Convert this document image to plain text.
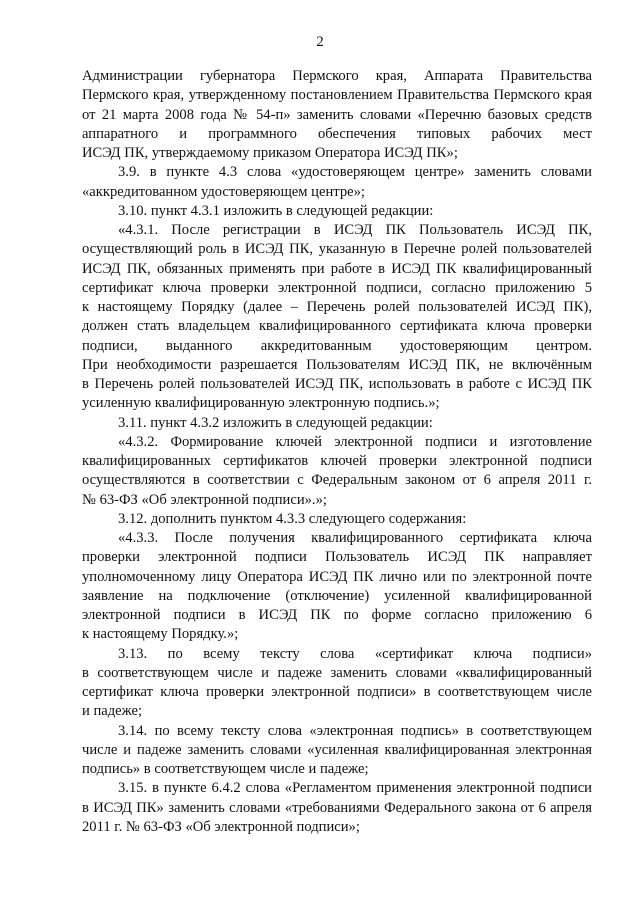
2
Администрации губернатора Пермского края, Аппарата Правительства
Пермского края, утвержденному постановлением Правительства Пермского края
от 21 марта 2008 года № 54-п» заменить словами «Перечню базовых средств
аппаратного и программного обеспечения типовых рабочих мест
ИСЭД ПК, утверждаемому приказом Оператора ИСЭД ПК»;
3.9. в пункте 4.3 слова «удостоверяющем центре» заменить словами
«аккредитованном удостоверяющем центре»;
3.10. пункт 4.3.1 изложить в следующей редакции:
«4.3.1. После регистрации в ИСЭД ПК Пользователь ИСЭД ПК,
осуществляющий роль в ИСЭД ПК, указанную в Перечне ролей пользователей
ИСЭД ПК, обязанных применять при работе в ИСЭД ПК квалифицированный
сертификат ключа проверки электронной подписи, согласно приложению 5
к настоящему Порядку (далее – Перечень ролей пользователей ИСЭД ПК),
должен стать владельцем квалифицированного сертификата ключа проверки
подписи, выданного аккредитованным удостоверяющим центром.
При необходимости разрешается Пользователям ИСЭД ПК, не включённым
в Перечень ролей пользователей ИСЭД ПК, использовать в работе с ИСЭД ПК
усиленную квалифицированную электронную подпись.»;
3.11. пункт 4.3.2 изложить в следующей редакции:
«4.3.2. Формирование ключей электронной подписи и изготовление
квалифицированных сертификатов ключей проверки электронной подписи
осуществляются в соответствии с Федеральным законом от 6 апреля 2011 г.
№ 63-ФЗ «Об электронной подписи».»;
3.12. дополнить пунктом 4.3.3 следующего содержания:
«4.3.3. После получения квалифицированного сертификата ключа
проверки электронной подписи Пользователь ИСЭД ПК направляет
уполномоченному лицу Оператора ИСЭД ПК лично или по электронной почте
заявление на подключение (отключение) усиленной квалифицированной
электронной подписи в ИСЭД ПК по форме согласно приложению 6
к настоящему Порядку.»;
3.13. по всему тексту слова «сертификат ключа подписи»
в соответствующем числе и падеже заменить словами «квалифицированный
сертификат ключа проверки электронной подписи» в соответствующем числе
и падеже;
3.14. по всему тексту слова «электронная подпись» в соответствующем
числе и падеже заменить словами «усиленная квалифицированная электронная
подпись» в соответствующем числе и падеже;
3.15. в пункте 6.4.2 слова «Регламентом применения электронной подписи
в ИСЭД ПК» заменить словами «требованиями Федерального закона от 6 апреля
2011 г. № 63-ФЗ «Об электронной подписи»;
